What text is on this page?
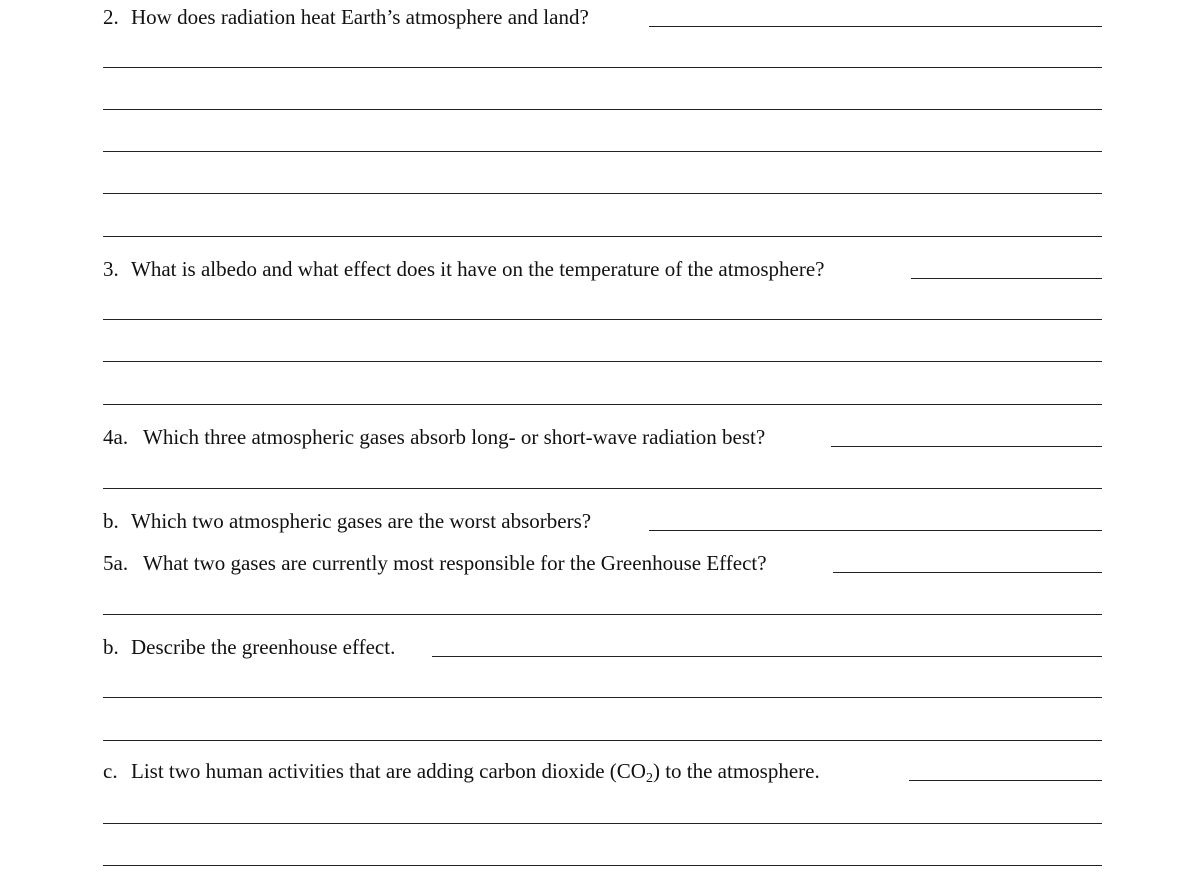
2. How does radiation heat Earth’s atmosphere and land?
3. What is albedo and what effect does it have on the temperature of the atmosphere?
4a. Which three atmospheric gases absorb long- or short-wave radiation best?
b. Which two atmospheric gases are the worst absorbers?
5a. What two gases are currently most responsible for the Greenhouse Effect?
b. Describe the greenhouse effect.
c. List two human activities that are adding carbon dioxide $(CO_2)$ to the atmosphere.
